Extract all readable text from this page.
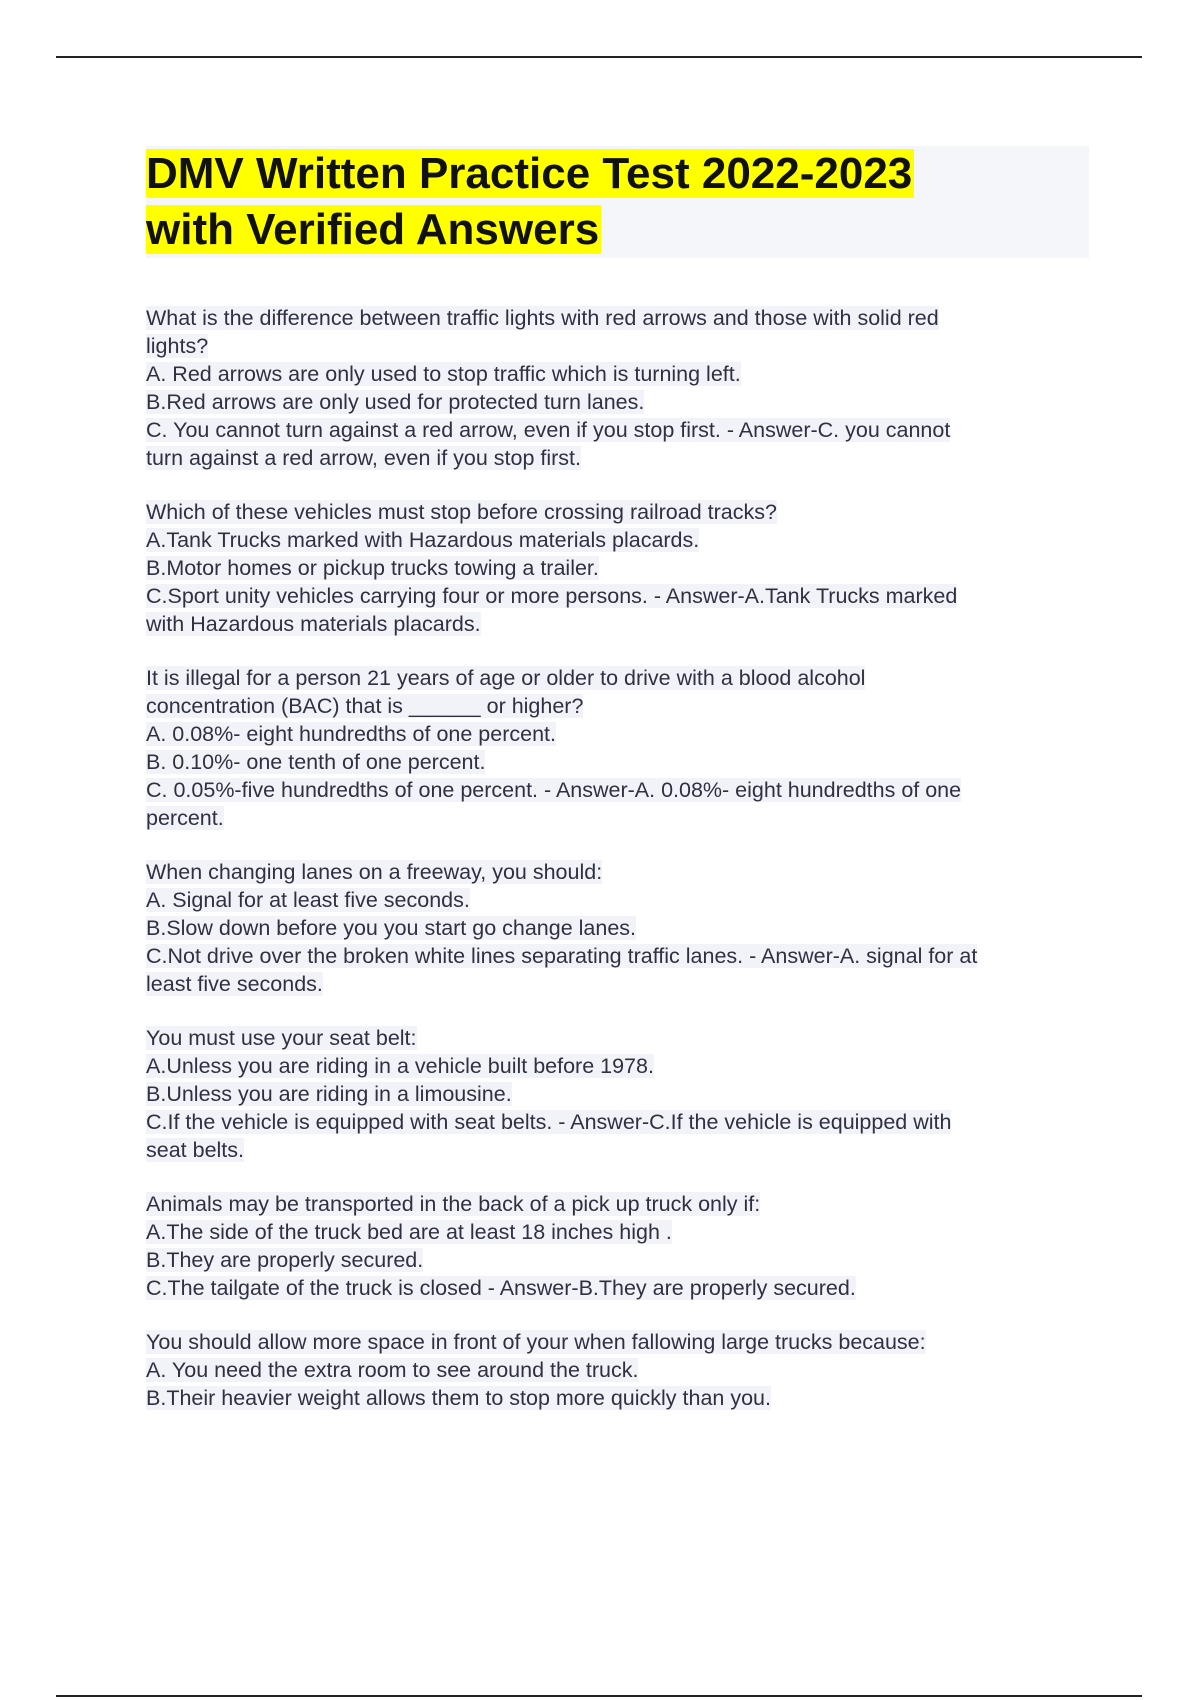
DMV Written Practice Test 2022-2023
with Verified Answers
What is the difference between traffic lights with red arrows and those with solid red
lights?
A. Red arrows are only used to stop traffic which is turning left.
B.Red arrows are only used for protected turn lanes.
C. You cannot turn against a red arrow, even if you stop first. - Answer-C. you cannot
turn against a red arrow, even if you stop first.
Which of these vehicles must stop before crossing railroad tracks?
A.Tank Trucks marked with Hazardous materials placards.
B.Motor homes or pickup trucks towing a trailer.
C.Sport unity vehicles carrying four or more persons. - Answer-A.Tank Trucks marked
with Hazardous materials placards.
It is illegal for a person 21 years of age or older to drive with a blood alcohol
concentration (BAC) that is ______ or higher?
A. 0.08%- eight hundredths of one percent.
B. 0.10%- one tenth of one percent.
C. 0.05%-five hundredths of one percent. - Answer-A. 0.08%- eight hundredths of one
percent.
When changing lanes on a freeway, you should:
A. Signal for at least five seconds.
B.Slow down before you you start go change lanes.
C.Not drive over the broken white lines separating traffic lanes. - Answer-A. signal for at
least five seconds.
You must use your seat belt:
A.Unless you are riding in a vehicle built before 1978.
B.Unless you are riding in a limousine.
C.If the vehicle is equipped with seat belts. - Answer-C.If the vehicle is equipped with
seat belts.
Animals may be transported in the back of a pick up truck only if:
A.The side of the truck bed are at least 18 inches high .
B.They are properly secured.
C.The tailgate of the truck is closed - Answer-B.They are properly secured.
You should allow more space in front of your when fallowing large trucks because:
A. You need the extra room to see around the truck.
B.Their heavier weight allows them to stop more quickly than you.
